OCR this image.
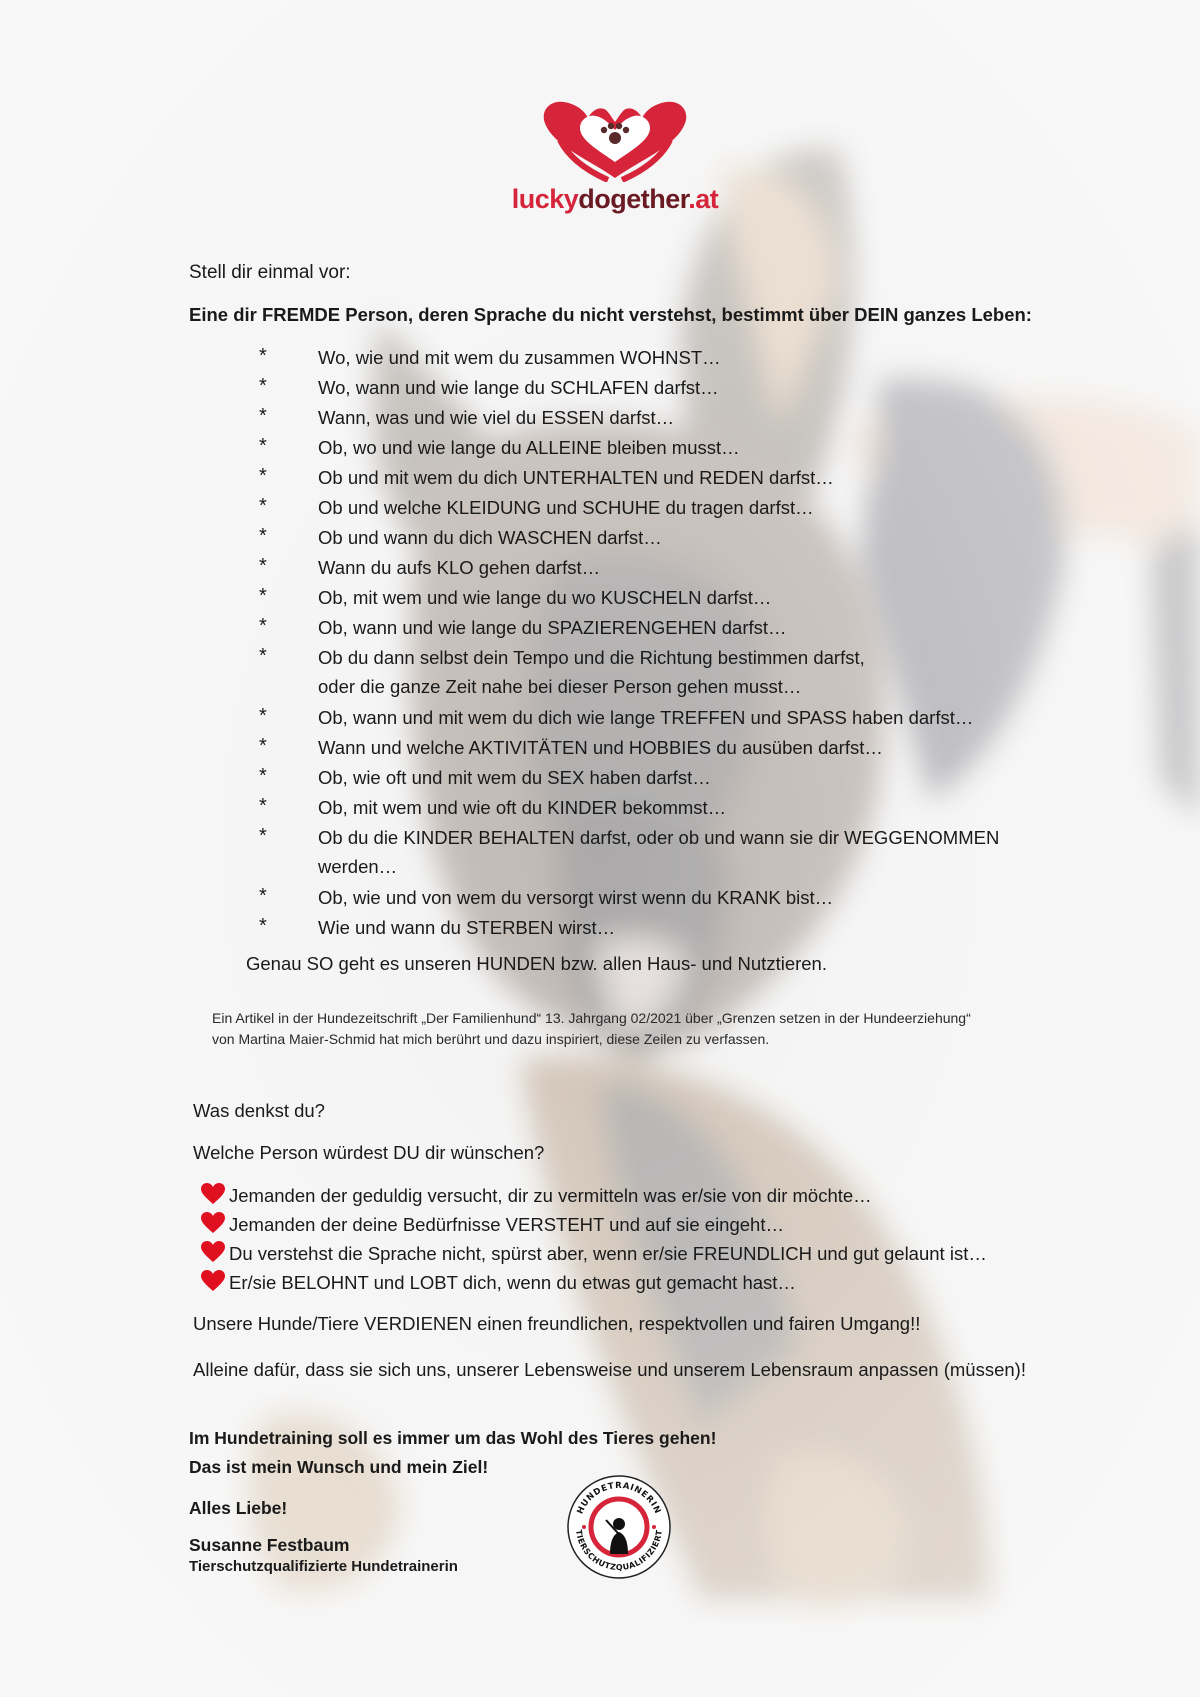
luckydogether.at
Stell dir einmal vor:
Eine dir FREMDE Person, deren Sprache du nicht verstehst, bestimmt über DEIN ganzes Leben:
*	Wo, wie und mit wem du zusammen WOHNST…
*	Wo, wann und wie lange du SCHLAFEN darfst…
*	Wann, was und wie viel du ESSEN darfst…
*	Ob, wo und wie lange du ALLEINE bleiben musst…
*	Ob und mit wem du dich UNTERHALTEN und REDEN darfst…
*	Ob und welche KLEIDUNG und SCHUHE du tragen darfst…
*	Ob und wann du dich WASCHEN darfst…
*	Wann du aufs KLO gehen darfst…
*	Ob, mit wem und wie lange du wo KUSCHELN darfst…
*	Ob, wann und wie lange du SPAZIERENGEHEN darfst…
*	Ob du dann selbst dein Tempo und die Richtung bestimmen darfst,
oder die ganze Zeit nahe bei dieser Person gehen musst…
*	Ob, wann und mit wem du dich wie lange TREFFEN und SPASS haben darfst…
*	Wann und welche AKTIVITÄTEN und HOBBIES du ausüben darfst…
*	Ob, wie oft und mit wem du SEX haben darfst…
*	Ob, mit wem und wie oft du KINDER bekommst…
*	Ob du die KINDER BEHALTEN darfst, oder ob und wann sie dir WEGGENOMMEN
werden…
*	Ob, wie und von wem du versorgt wirst wenn du KRANK bist…
*	Wie und wann du STERBEN wirst…
Genau SO geht es unseren HUNDEN bzw. allen Haus- und Nutztieren.
Ein Artikel in der Hundezeitschrift „Der Familienhund“ 13. Jahrgang 02/2021 über „Grenzen setzen in der Hundeerziehung“
von Martina Maier-Schmid hat mich berührt und dazu inspiriert, diese Zeilen zu verfassen.
Was denkst du?
Welche Person würdest DU dir wünschen?
Jemanden der geduldig versucht, dir zu vermitteln was er/sie von dir möchte…
Jemanden der deine Bedürfnisse VERSTEHT und auf sie eingeht…
Du verstehst die Sprache nicht, spürst aber, wenn er/sie FREUNDLICH und gut gelaunt ist…
Er/sie BELOHNT und LOBT dich, wenn du etwas gut gemacht hast…
Unsere Hunde/Tiere VERDIENEN einen freundlichen, respektvollen und fairen Umgang!!
Alleine dafür, dass sie sich uns, unserer Lebensweise und unserem Lebensraum anpassen (müssen)!
Im Hundetraining soll es immer um das Wohl des Tieres gehen!
Das ist mein Wunsch und mein Ziel!
Alles Liebe!
Susanne Festbaum
Tierschutzqualifizierte Hundetrainerin
HUNDETRAINERIN
TIERSCHUTZQUALIFIZIERT
